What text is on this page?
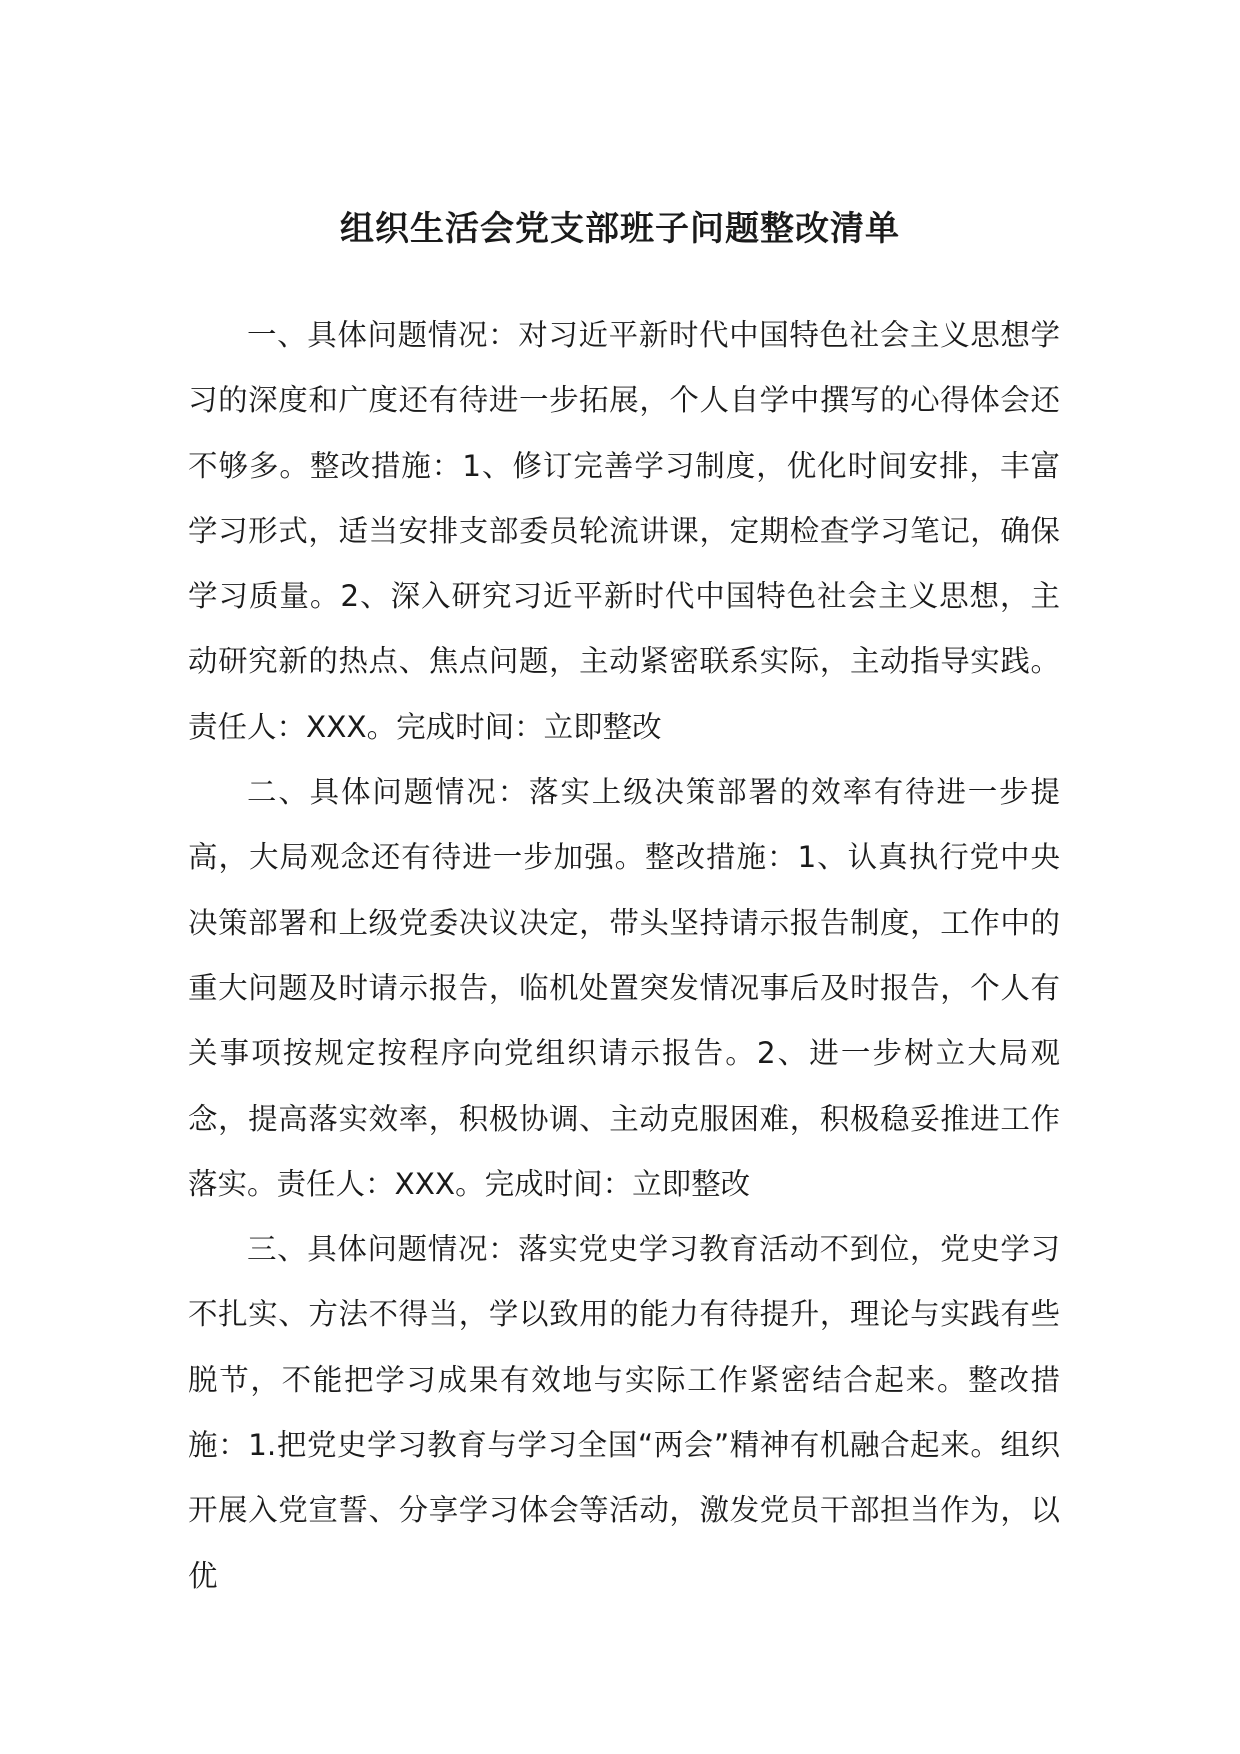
组织生活会党支部班子问题整改清单

一、具体问题情况：对习近平新时代中国特色社会主义思想学习的深度和广度还有待进一步拓展，个人自学中撰写的心得体会还不够多。整改措施：1、修订完善学习制度，优化时间安排，丰富学习形式，适当安排支部委员轮流讲课，定期检查学习笔记，确保学习质量。2、深入研究习近平新时代中国特色社会主义思想，主动研究新的热点、焦点问题，主动紧密联系实际，主动指导实践。责任人：XXX。完成时间：立即整改

二、具体问题情况：落实上级决策部署的效率有待进一步提高，大局观念还有待进一步加强。整改措施：1、认真执行党中央决策部署和上级党委决议决定，带头坚持请示报告制度，工作中的重大问题及时请示报告，临机处置突发情况事后及时报告，个人有关事项按规定按程序向党组织请示报告。2、进一步树立大局观念，提高落实效率，积极协调、主动克服困难，积极稳妥推进工作落实。责任人：XXX。完成时间：立即整改

三、具体问题情况：落实党史学习教育活动不到位，党史学习不扎实、方法不得当，学以致用的能力有待提升，理论与实践有些脱节，不能把学习成果有效地与实际工作紧密结合起来。整改措施：1.把党史学习教育与学习全国“两会”精神有机融合起来。组织开展入党宣誓、分享学习体会等活动，激发党员干部担当作为，以优
